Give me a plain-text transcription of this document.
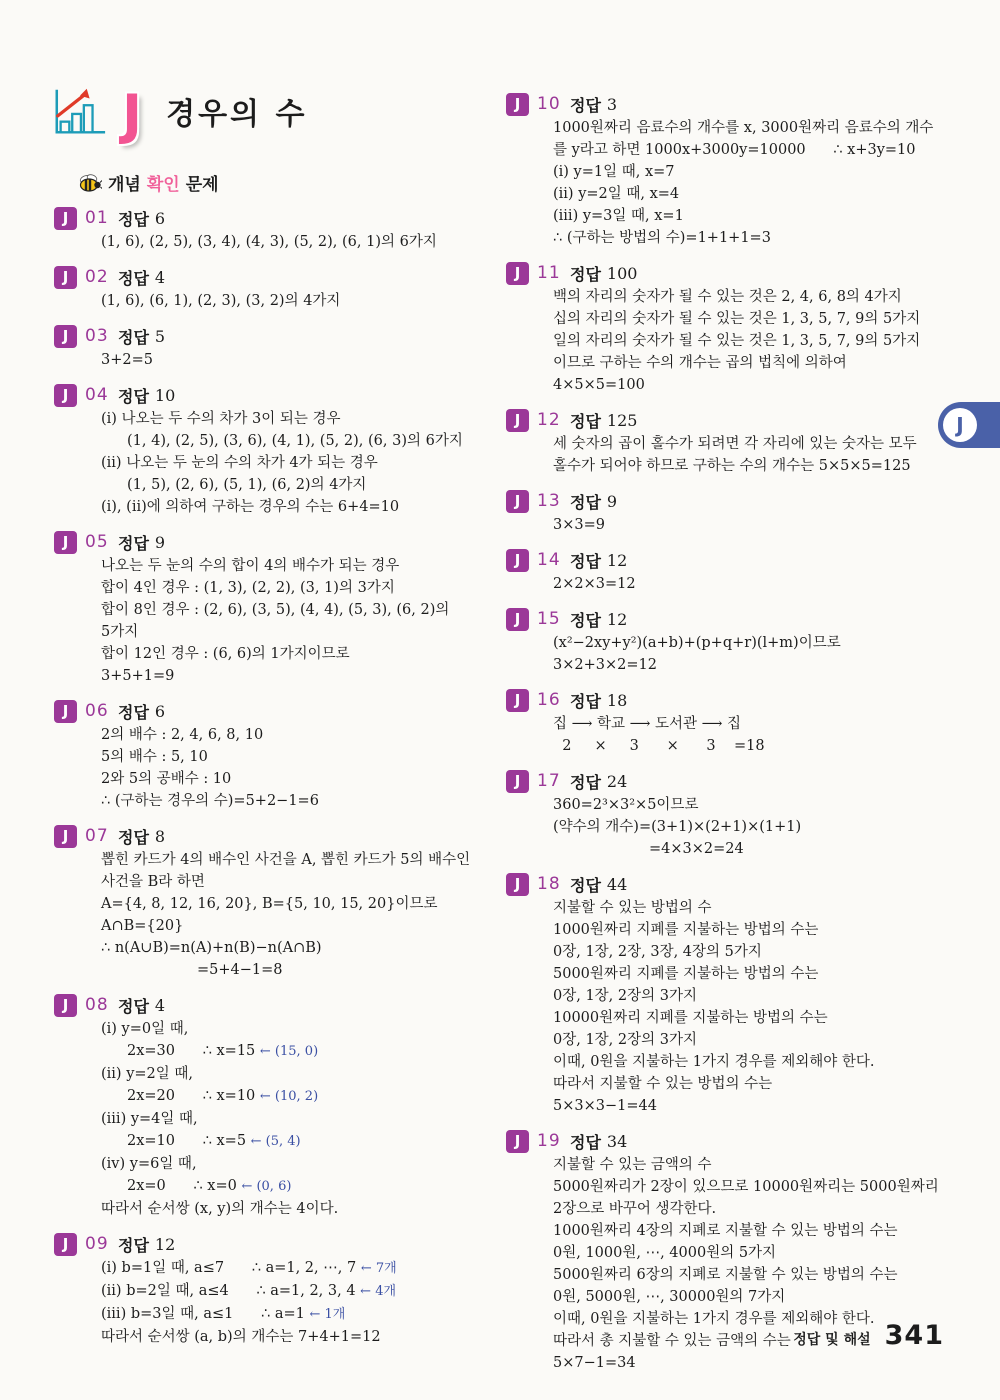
J 경우의 수
개념 확인 문제
J 01 정답 6
(1, 6), (2, 5), (3, 4), (4, 3), (5, 2), (6, 1)의 6가지
J 02 정답 4
(1, 6), (6, 1), (2, 3), (3, 2)의 4가지
J 03 정답 5
3+2=5
J 04 정답 10
(i) 나오는 두 수의 차가 3이 되는 경우
(1, 4), (2, 5), (3, 6), (4, 1), (5, 2), (6, 3)의 6가지
(ii) 나오는 두 눈의 수의 차가 4가 되는 경우
(1, 5), (2, 6), (5, 1), (6, 2)의 4가지
(i), (ii)에 의하여 구하는 경우의 수는 6+4=10
J 05 정답 9
나오는 두 눈의 수의 합이 4의 배수가 되는 경우
합이 4인 경우 : (1, 3), (2, 2), (3, 1)의 3가지
합이 8인 경우 : (2, 6), (3, 5), (4, 4), (5, 3), (6, 2)의
5가지
합이 12인 경우 : (6, 6)의 1가지이므로
3+5+1=9
J 06 정답 6
2의 배수 : 2, 4, 6, 8, 10
5의 배수 : 5, 10
2와 5의 공배수 : 10
∴ (구하는 경우의 수)=5+2−1=6
J 07 정답 8
뽑힌 카드가 4의 배수인 사건을 A, 뽑힌 카드가 5의 배수인
사건을 B라 하면
A={4, 8, 12, 16, 20}, B={5, 10, 15, 20}이므로
A∩B={20}
∴ n(A∪B)=n(A)+n(B)−n(A∩B)
=5+4−1=8
J 08 정답 4
(i) y=0일 때,
2x=30      ∴ x=15 ← (15, 0)
(ii) y=2일 때,
2x=20      ∴ x=10 ← (10, 2)
(iii) y=4일 때,
2x=10      ∴ x=5 ← (5, 4)
(iv) y=6일 때,
2x=0      ∴ x=0 ← (0, 6)
따라서 순서쌍 (x, y)의 개수는 4이다.
J 09 정답 12
(i) b=1일 때, a≤7      ∴ a=1, 2, ⋯, 7 ← 7개
(ii) b=2일 때, a≤4      ∴ a=1, 2, 3, 4 ← 4개
(iii) b=3일 때, a≤1      ∴ a=1 ← 1개
따라서 순서쌍 (a, b)의 개수는 7+4+1=12
J 10 정답 3
1000원짜리 음료수의 개수를 x, 3000원짜리 음료수의 개수
를 y라고 하면 1000x+3000y=10000      ∴ x+3y=10
(i) y=1일 때, x=7
(ii) y=2일 때, x=4
(iii) y=3일 때, x=1
∴ (구하는 방법의 수)=1+1+1=3
J 11 정답 100
백의 자리의 숫자가 될 수 있는 것은 2, 4, 6, 8의 4가지
십의 자리의 숫자가 될 수 있는 것은 1, 3, 5, 7, 9의 5가지
일의 자리의 숫자가 될 수 있는 것은 1, 3, 5, 7, 9의 5가지
이므로 구하는 수의 개수는 곱의 법칙에 의하여
4×5×5=100
J 12 정답 125
세 숫자의 곱이 홀수가 되려면 각 자리에 있는 숫자는 모두
홀수가 되어야 하므로 구하는 수의 개수는 5×5×5=125
J 13 정답 9
3×3=9
J 14 정답 12
2×2×3=12
J 15 정답 12
(x²−2xy+y²)(a+b)+(p+q+r)(l+m)이므로
3×2+3×2=12
J 16 정답 18
집 ⟶ 학교 ⟶ 도서관 ⟶ 집
2     ×     3      ×      3    =18
J 17 정답 24
360=2³×3²×5이므로
(약수의 개수)=(3+1)×(2+1)×(1+1)
=4×3×2=24
J 18 정답 44
지불할 수 있는 방법의 수
1000원짜리 지폐를 지불하는 방법의 수는
0장, 1장, 2장, 3장, 4장의 5가지
5000원짜리 지폐를 지불하는 방법의 수는
0장, 1장, 2장의 3가지
10000원짜리 지폐를 지불하는 방법의 수는
0장, 1장, 2장의 3가지
이때, 0원을 지불하는 1가지 경우를 제외해야 한다.
따라서 지불할 수 있는 방법의 수는
5×3×3−1=44
J 19 정답 34
지불할 수 있는 금액의 수
5000원짜리가 2장이 있으므로 10000원짜리는 5000원짜리
2장으로 바꾸어 생각한다.
1000원짜리 4장의 지폐로 지불할 수 있는 방법의 수는
0원, 1000원, ⋯, 4000원의 5가지
5000원짜리 6장의 지폐로 지불할 수 있는 방법의 수는
0원, 5000원, ⋯, 30000원의 7가지
이때, 0원을 지불하는 1가지 경우를 제외해야 한다.
따라서 총 지불할 수 있는 금액의 수는
5×7−1=34
J
정답 및 해설 341
